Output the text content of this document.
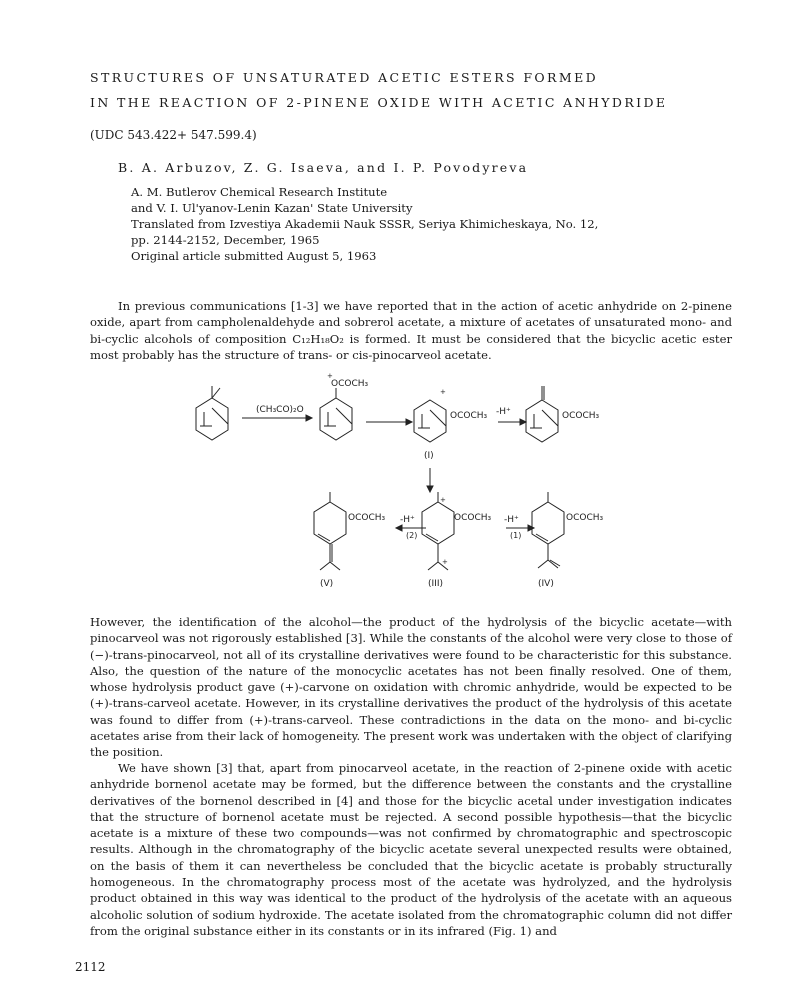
STRUCTURES OF UNSATURATED ACETIC ESTERS FORMED
IN THE REACTION OF 2-PINENE OXIDE WITH ACETIC ANHYDRIDE
(UDC 543.422+ 547.599.4)
B. A. Arbuzov, Z. G. Isaeva, and I. P. Povodyreva
A. M. Butlerov Chemical Research Institute
and V. I. Ul'yanov-Lenin Kazan' State University
Translated from Izvestiya Akademii Nauk SSSR, Seriya Khimicheskaya, No. 12,
pp. 2144-2152, December, 1965
Original article submitted August 5, 1963

In previous communications [1-3] we have reported that in the action of acetic anhydride on 2-pinene oxide, apart from campholenaldehyde and sobrerol acetate, a mixture of acetates of unsaturated mono- and bi-cyclic alcohols of composition C₁₂H₁₈O₂ is formed. It must be considered that the bicyclic acetic ester most probably has the structure of trans- or cis-pinocarveol acetate.

(CH₃CO)₂O
+
OCOCH₃
+
OCOCH₃
(I)
-H⁺	OCOCH₃
OCOCH₃
(V)
-H⁺
(2)
+
+
OCOCH₃
(III)
-H⁺
(1)
OCOCH₃
(IV)

However, the identification of the alcohol—the product of the hydrolysis of the bicyclic acetate—with pinocarveol was not rigorously established [3]. While the constants of the alcohol were very close to those of (−)-trans-pinocarveol, not all of its crystalline derivatives were found to be characteristic for this substance. Also, the question of the nature of the monocyclic acetates has not been finally resolved. One of them, whose hydrolysis product gave (+)-carvone on oxidation with chromic anhydride, would be expected to be (+)-trans-carveol acetate. However, in its crystalline derivatives the product of the hydrolysis of this acetate was found to differ from (+)-trans-carveol. These contradictions in the data on the mono- and bi-cyclic acetates arise from their lack of homogeneity. The present work was undertaken with the object of clarifying the position.

We have shown [3] that, apart from pinocarveol acetate, in the reaction of 2-pinene oxide with acetic anhydride bornenol acetate may be formed, but the difference between the constants and the crystalline derivatives of the bornenol described in [4] and those for the bicyclic acetal under investigation indicates that the structure of bornenol acetate must be rejected. A second possible hypothesis—that the bicyclic acetate is a mixture of these two compounds—was not confirmed by chromatographic and spectroscopic results. Although in the chromatography of the bicyclic acetate several unexpected results were obtained, on the basis of them it can nevertheless be concluded that the bicyclic acetate is probably structurally homogeneous. In the chromatography process most of the acetate was hydrolyzed, and the hydrolysis product obtained in this way was identical to the product of the hydrolysis of the acetate with an aqueous alcoholic solution of sodium hydroxide. The acetate isolated from the chromatographic column did not differ from the original substance either in its constants or in its infrared (Fig. 1) and

2112
